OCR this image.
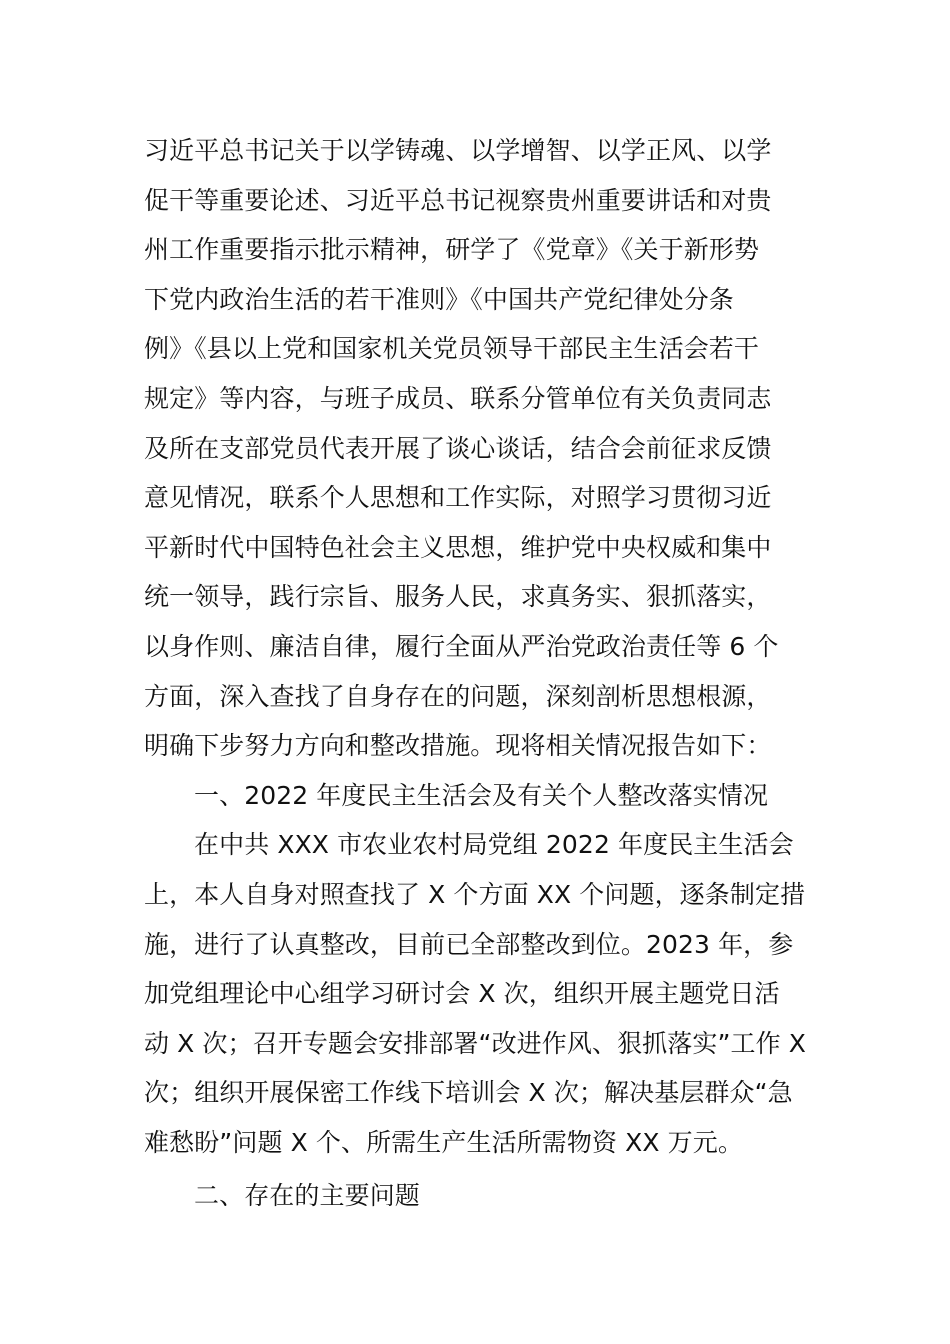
习近平总书记关于以学铸魂、以学增智、以学正风、以学
促干等重要论述、习近平总书记视察贵州重要讲话和对贵
州工作重要指示批示精神，研学了《党章》《关于新形势
下党内政治生活的若干准则》《中国共产党纪律处分条
例》《县以上党和国家机关党员领导干部民主生活会若干
规定》等内容，与班子成员、联系分管单位有关负责同志
及所在支部党员代表开展了谈心谈话，结合会前征求反馈
意见情况，联系个人思想和工作实际，对照学习贯彻习近
平新时代中国特色社会主义思想，维护党中央权威和集中
统一领导，践行宗旨、服务人民，求真务实、狠抓落实，
以身作则、廉洁自律，履行全面从严治党政治责任等 6 个
方面，深入查找了自身存在的问题，深刻剖析思想根源，
明确下步努力方向和整改措施。现将相关情况报告如下：
一、2022 年度民主生活会及有关个人整改落实情况
在中共 XXX 市农业农村局党组 2022 年度民主生活会
上，本人自身对照查找了 X 个方面 XX 个问题，逐条制定措
施，进行了认真整改，目前已全部整改到位。2023 年，参
加党组理论中心组学习研讨会 X 次，组织开展主题党日活
动 X 次；召开专题会安排部署“改进作风、狠抓落实”工作 X
次；组织开展保密工作线下培训会 X 次；解决基层群众“急
难愁盼”问题 X 个、所需生产生活所需物资 XX 万元。
二、存在的主要问题
